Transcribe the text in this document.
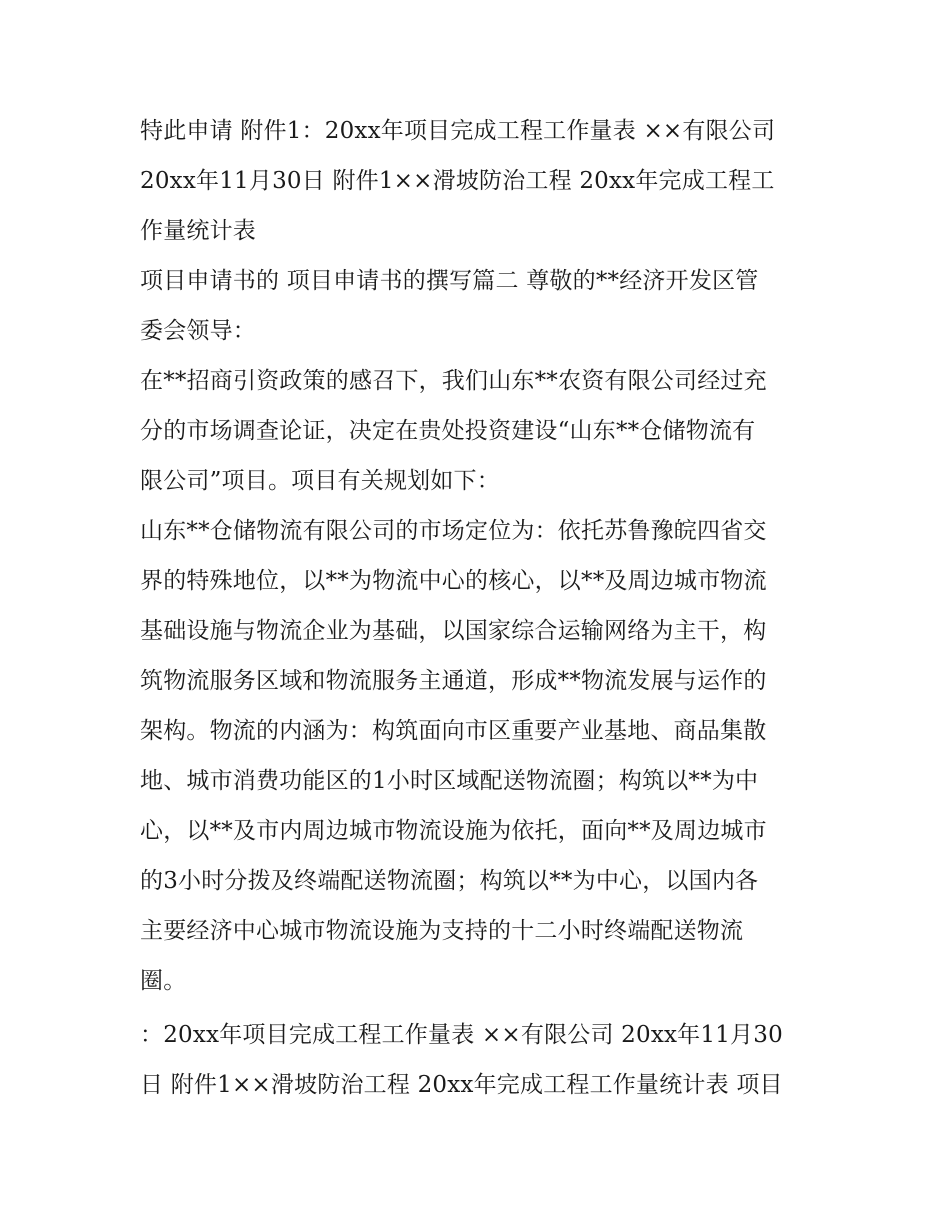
特此申请 附件1：20xx年项目完成工程工作量表 ××有限公司
20xx年11月30日 附件1××滑坡防治工程 20xx年完成工程工
作量统计表
项目申请书的 项目申请书的撰写篇二 尊敬的**经济开发区管
委会领导：
在**招商引资政策的感召下，我们山东**农资有限公司经过充
分的市场调查论证，决定在贵处投资建设“山东**仓储物流有
限公司”项目。项目有关规划如下：
山东**仓储物流有限公司的市场定位为：依托苏鲁豫皖四省交
界的特殊地位，以**为物流中心的核心，以**及周边城市物流
基础设施与物流企业为基础，以国家综合运输网络为主干，构
筑物流服务区域和物流服务主通道，形成**物流发展与运作的
架构。物流的内涵为：构筑面向市区重要产业基地、商品集散
地、城市消费功能区的1小时区域配送物流圈；构筑以**为中
心，以**及市内周边城市物流设施为依托，面向**及周边城市
的3小时分拨及终端配送物流圈；构筑以**为中心，以国内各
主要经济中心城市物流设施为支持的十二小时终端配送物流
圈。
：20xx年项目完成工程工作量表 ××有限公司 20xx年11月30
日 附件1××滑坡防治工程 20xx年完成工程工作量统计表 项目
